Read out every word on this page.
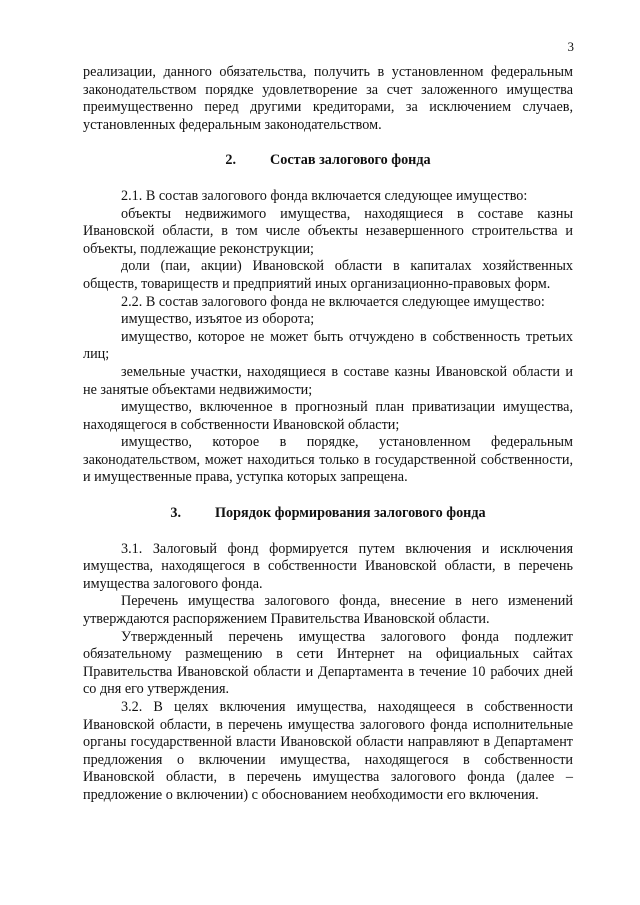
3

реализации, данного обязательства, получить в установленном федеральным законодательством порядке удовлетворение за счет заложенного имущества преимущественно перед другими кредиторами, за исключением случаев, установленных федеральным законодательством.

2. Состав залогового фонда

2.1. В состав залогового фонда включается следующее имущество:

объекты недвижимого имущества, находящиеся в составе казны Ивановской области, в том числе объекты незавершенного строительства и объекты, подлежащие реконструкции;

доли (паи, акции) Ивановской области в капиталах хозяйственных обществ, товариществ и предприятий иных организационно-правовых форм.

2.2. В состав залогового фонда не включается следующее имущество:

имущество, изъятое из оборота;

имущество, которое не может быть отчуждено в собственность третьих лиц;

земельные участки, находящиеся в составе казны Ивановской области и не занятые объектами недвижимости;

имущество, включенное в прогнозный план приватизации имущества, находящегося в собственности Ивановской области;

имущество, которое в порядке, установленном федеральным законодательством, может находиться только в государственной собственности, и имущественные права, уступка которых запрещена.

3. Порядок формирования залогового фонда

3.1. Залоговый фонд формируется путем включения и исключения имущества, находящегося в собственности Ивановской области, в перечень имущества залогового фонда.

Перечень имущества залогового фонда, внесение в него изменений утверждаются распоряжением Правительства Ивановской области.

Утвержденный перечень имущества залогового фонда подлежит обязательному размещению в сети Интернет на официальных сайтах Правительства Ивановской области и Департамента в течение 10 рабочих дней со дня его утверждения.

3.2. В целях включения имущества, находящееся в собственности Ивановской области, в перечень имущества залогового фонда исполнительные органы государственной власти Ивановской области направляют в Департамент предложения о включении имущества, находящегося в собственности Ивановской области, в перечень имущества залогового фонда (далее – предложение о включении) с обоснованием необходимости его включения.
